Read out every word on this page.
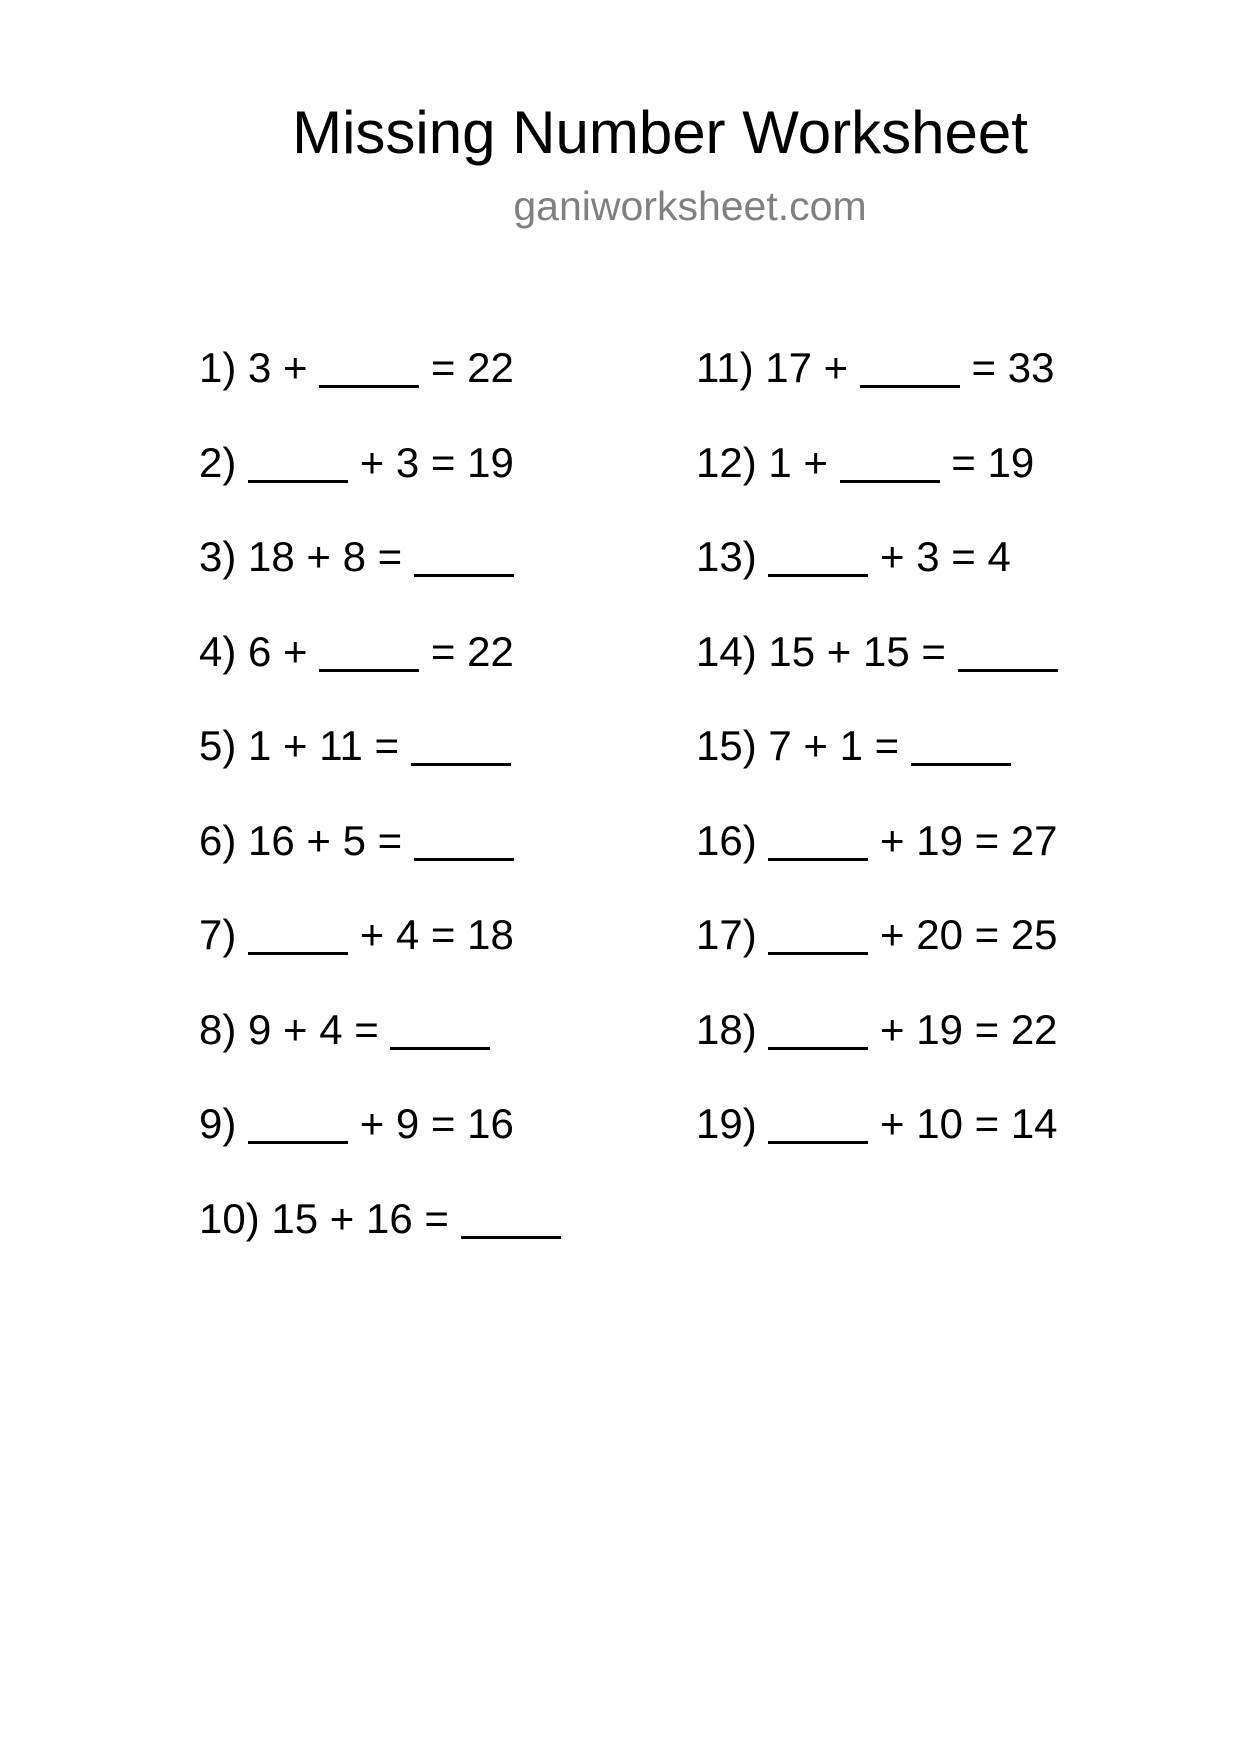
Missing Number Worksheet
ganiworksheet.com
1) 3 +  = 22
2)	+ 3 = 19
3) 18 + 8 =
4) 6 +  = 22
5) 1 + 11 =
6) 16 + 5 =
7)	+ 4 = 18
8) 9 + 4 =
9)	+ 9 = 16
10) 15 + 16 =
11) 17 +  = 33
12) 1 +  = 19
13)	+ 3 = 4
14) 15 + 15 =
15) 7 + 1 =
16)	+ 19 = 27
17)	+ 20 = 25
18)	+ 19 = 22
19)	+ 10 = 14
